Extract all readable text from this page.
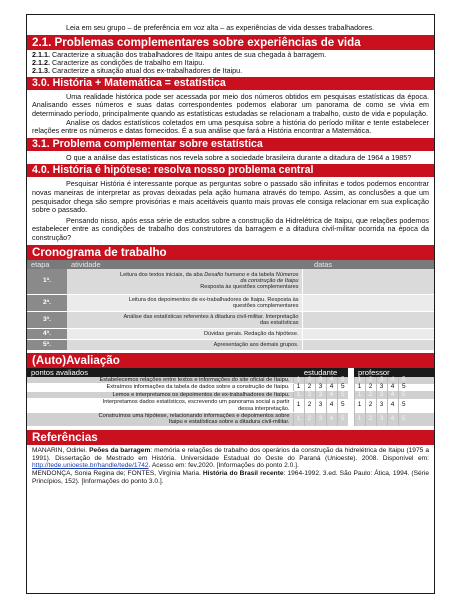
Leia em seu grupo – de preferência em voz alta – as experiências de vida desses trabalhadores.
2.1. Problemas complementares sobre experiências de vida
2.1.1. Caracterize a situação dos trabalhadores de Itaipu antes de sua chegada à barragem.
2.1.2. Caracterize as condições de trabalho em Itaipu.
2.1.3. Caracterize a situação atual dos ex-trabalhadores de Itaipu.
3.0. História + Matemática = estatística
Uma realidade histórica pode ser acessada por meio dos números obtidos em pesquisas estatísticas da época. Analisando esses números e suas datas correspondentes podemos elaborar um panorama de como se vivia em determinado período, principalmente quando as estatísticas estudadas se relacionam a trabalho, custo de vida e população.
Analise os dados estatísticos coletados em uma pesquisa sobre a história do período militar e tente estabelecer relações entre os números e datas fornecidos. É a sua análise que fará a História encontrar a Matemática.
3.1. Problema complementar sobre estatística
O que a análise das estatísticas nos revela sobre a sociedade brasileira durante a ditadura de 1964 a 1985?
4.0. História é hipótese: resolva nosso problema central
Pesquisar História é interessante porque as perguntas sobre o passado são infinitas e todos podemos encontrar novas maneiras de interpretar as provas deixadas pela ação humana através do tempo. Assim, as conclusões a que um pesquisador chega são sempre provisórias e mais aceitáveis quanto mais provas ele consiga relacionar em sua explicação sobre o passado.
Pensando nisso, após essa série de estudos sobre a construção da Hidrelétrica de Itaipu, que relações podemos estabelecer entre as condições de trabalho dos construtores da barragem e a ditadura civil-militar ocorrida na época da construção?
Cronograma de trabalho
etapa	atividade	datas
1ª.	Leitura dos textos iniciais, da aba Desafio humano e da tabela Números
da construção de Itaipu
Resposta às questões complementares	

2ª.	Leitura dos depoimentos de ex-trabalhadores de Itaipu. Resposta às
questões complementares	

3ª.	Análise das estatísticas referentes à ditadura civil-militar. Interpretação
das estatísticas	

4ª.	Dúvidas gerais. Redação da hipótese.	
5ª.	Apresentação aos demais grupos.	
(Auto)Avaliação
pontos avaliados	estudante		professor
Estabelecemos relações entre textos e informações do site oficial de Itaipu.	1	2	3	4	5		1	2	3	4	5	

Extraímos informações da tabela de dados sobre a construção de Itaipu.	1	2	3	4	5		1	2	3	4	5	

Lemos e interpretamos os depoimentos de ex-trabalhadores de Itaipu.	1	2	3	4	5		1	2	3	4	5	

Interpretamos dados estatísticos, escrevendo um panorama social a partir
dessa interpretação.	1	2	3	4	5		1	2	3	4	5	

Construímos uma hipótese, relacionando informações e depoimentos sobre
Itaipu e estatísticas sobre a ditadura civil-militar.	1	2	3	4	5		1	2	3	4	5	
Referências
MANARIN, Odirlei. Peões da barragem: memória e relações de trabalho dos operários da construção da hidrelétrica de Itaipu (1975 a 1991). Dissertação de Mestrado em História. Universidade Estadual do Oeste do Paraná (Unioeste). 2008. Disponível em: http://tede.unioeste.br/handle/tede/1742. Acesso em: fev.2020. [Informações do ponto 2.0.].
MENDONÇA, Sonia Regina de; FONTES, Virgínia Maria. História do Brasil recente: 1964-1992. 3.ed. São Paulo: Ática, 1994. (Série Princípios, 152). [Informações do ponto 3.0.].
